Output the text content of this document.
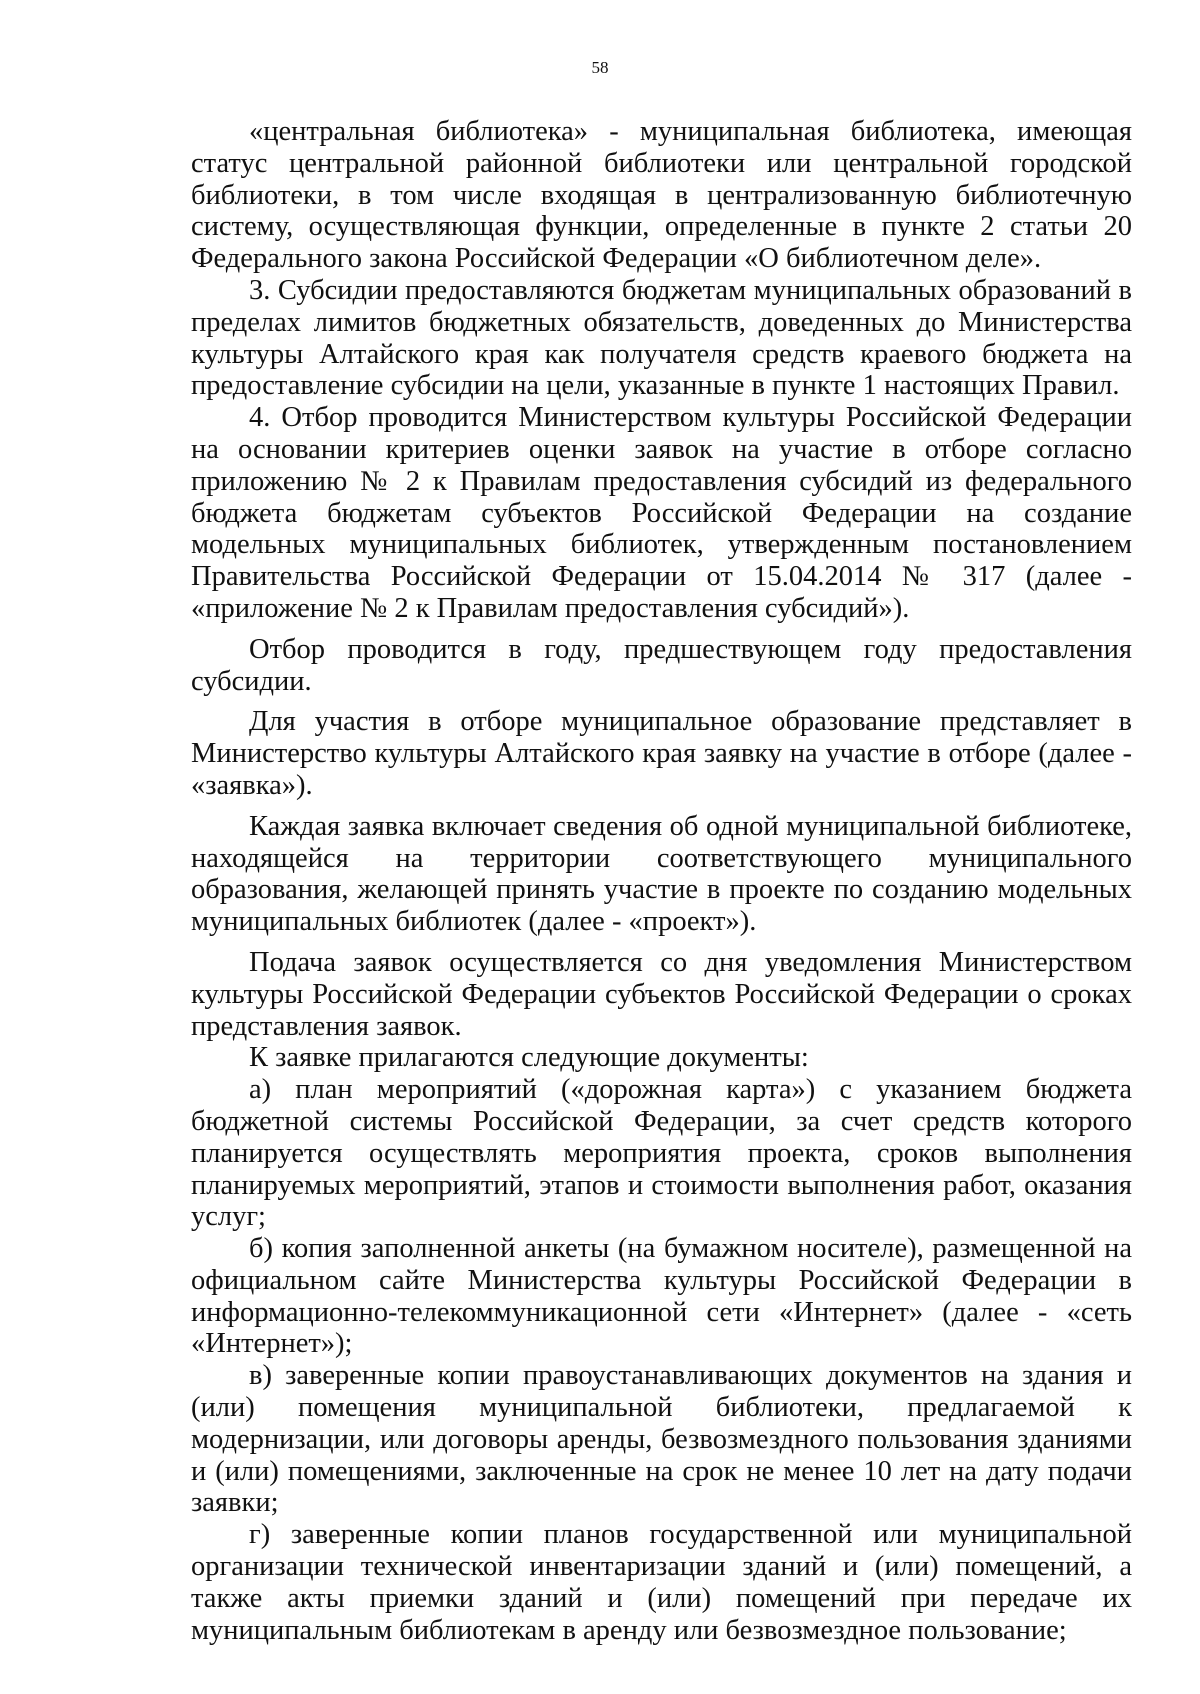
58

«центральная библиотека» - муниципальная библиотека, имеющая статус центральной районной библиотеки или центральной городской библиотеки, в том числе входящая в централизованную библиотечную систему, осуществляющая функции, определенные в пункте 2 статьи 20 Федерального закона Российской Федерации «О библиотечном деле».

3. Субсидии предоставляются бюджетам муниципальных образований в пределах лимитов бюджетных обязательств, доведенных до Министерства культуры Алтайского края как получателя средств краевого бюджета на предоставление субсидии на цели, указанные в пункте 1 настоящих Правил.

4. Отбор проводится Министерством культуры Российской Федерации на основании критериев оценки заявок на участие в отборе согласно приложению № 2 к Правилам предоставления субсидий из федерального бюджета бюджетам субъектов Российской Федерации на создание модельных муниципальных библиотек, утвержденным постановлением Правительства Российской Федерации от 15.04.2014 № 317 (далее - «приложение № 2 к Правилам предоставления субсидий»).

Отбор проводится в году, предшествующем году предоставления субсидии.

Для участия в отборе муниципальное образование представляет в Министерство культуры Алтайского края заявку на участие в отборе (далее - «заявка»).

Каждая заявка включает сведения об одной муниципальной библиотеке, находящейся на территории соответствующего муниципального образования, желающей принять участие в проекте по созданию модельных муниципальных библиотек (далее - «проект»).

Подача заявок осуществляется со дня уведомления Министерством культуры Российской Федерации субъектов Российской Федерации о сроках представления заявок.

К заявке прилагаются следующие документы:

а) план мероприятий («дорожная карта») с указанием бюджета бюджетной системы Российской Федерации, за счет средств которого планируется осуществлять мероприятия проекта, сроков выполнения планируемых мероприятий, этапов и стоимости выполнения работ, оказания услуг;

б) копия заполненной анкеты (на бумажном носителе), размещенной на официальном сайте Министерства культуры Российской Федерации в информационно-телекоммуникационной сети «Интернет» (далее - «сеть «Интернет»);

в) заверенные копии правоустанавливающих документов на здания и (или) помещения муниципальной библиотеки, предлагаемой к модернизации, или договоры аренды, безвозмездного пользования зданиями и (или) помещениями, заключенные на срок не менее 10 лет на дату подачи заявки;

г) заверенные копии планов государственной или муниципальной организации технической инвентаризации зданий и (или) помещений, а также акты приемки зданий и (или) помещений при передаче их муниципальным библиотекам в аренду или безвозмездное пользование;
